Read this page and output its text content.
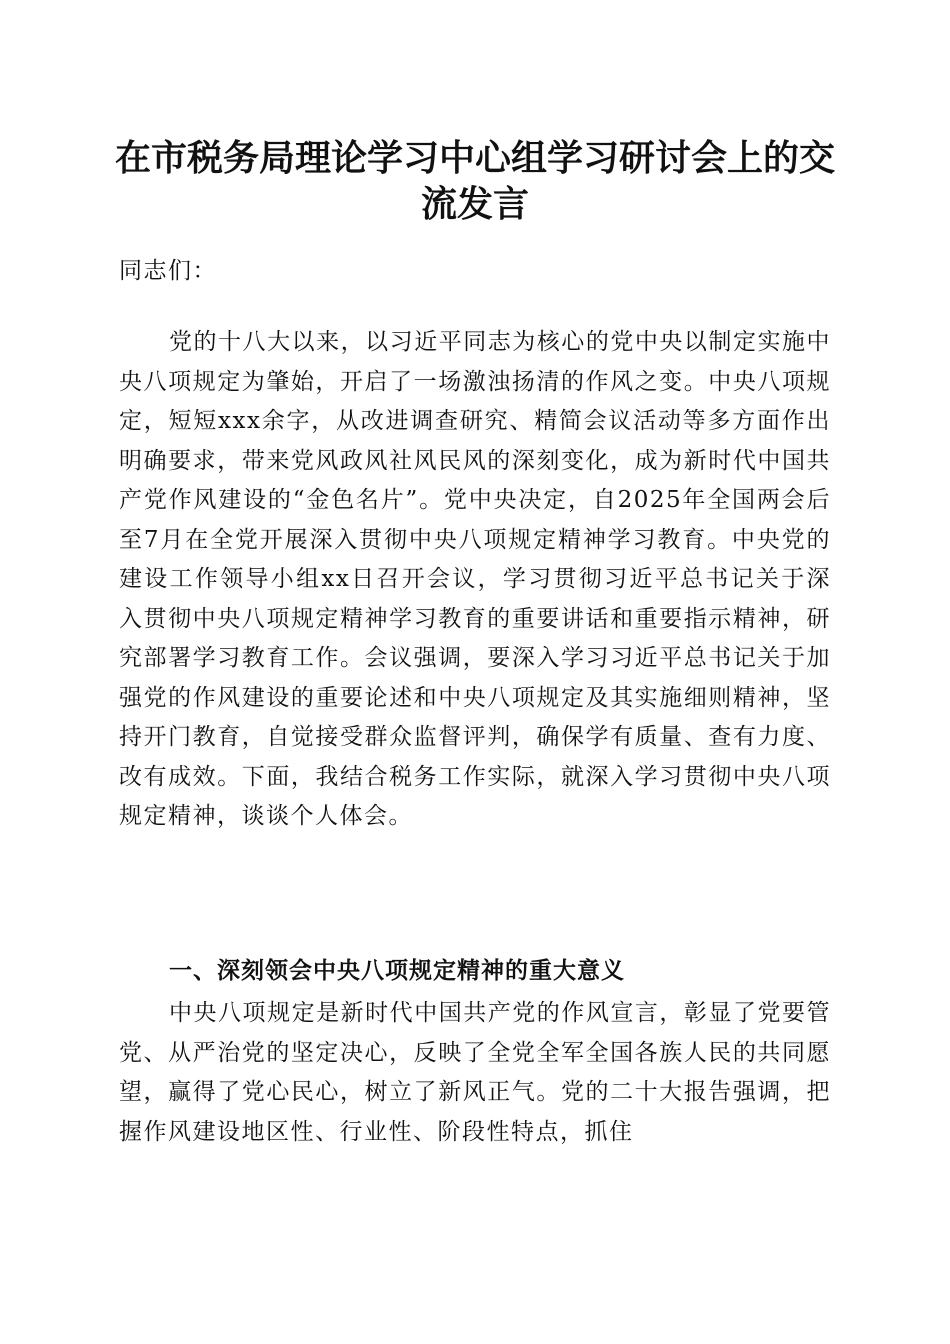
在市税务局理论学习中心组学习研讨会上的交流发言

同志们：

党的十八大以来，以习近平同志为核心的党中央以制定实施中央八项规定为肇始，开启了一场激浊扬清的作风之变。中央八项规定，短短xxx余字，从改进调查研究、精简会议活动等多方面作出明确要求，带来党风政风社风民风的深刻变化，成为新时代中国共产党作风建设的“金色名片”。党中央决定，自2025年全国两会后至7月在全党开展深入贯彻中央八项规定精神学习教育。中央党的建设工作领导小组xx日召开会议，学习贯彻习近平总书记关于深入贯彻中央八项规定精神学习教育的重要讲话和重要指示精神，研究部署学习教育工作。会议强调，要深入学习习近平总书记关于加强党的作风建设的重要论述和中央八项规定及其实施细则精神，坚持开门教育，自觉接受群众监督评判，确保学有质量、查有力度、改有成效。下面，我结合税务工作实际，就深入学习贯彻中央八项规定精神，谈谈个人体会。

一、深刻领会中央八项规定精神的重大意义

中央八项规定是新时代中国共产党的作风宣言，彰显了党要管党、从严治党的坚定决心，反映了全党全军全国各族人民的共同愿望，赢得了党心民心，树立了新风正气。党的二十大报告强调，把握作风建设地区性、行业性、阶段性特点，抓住
